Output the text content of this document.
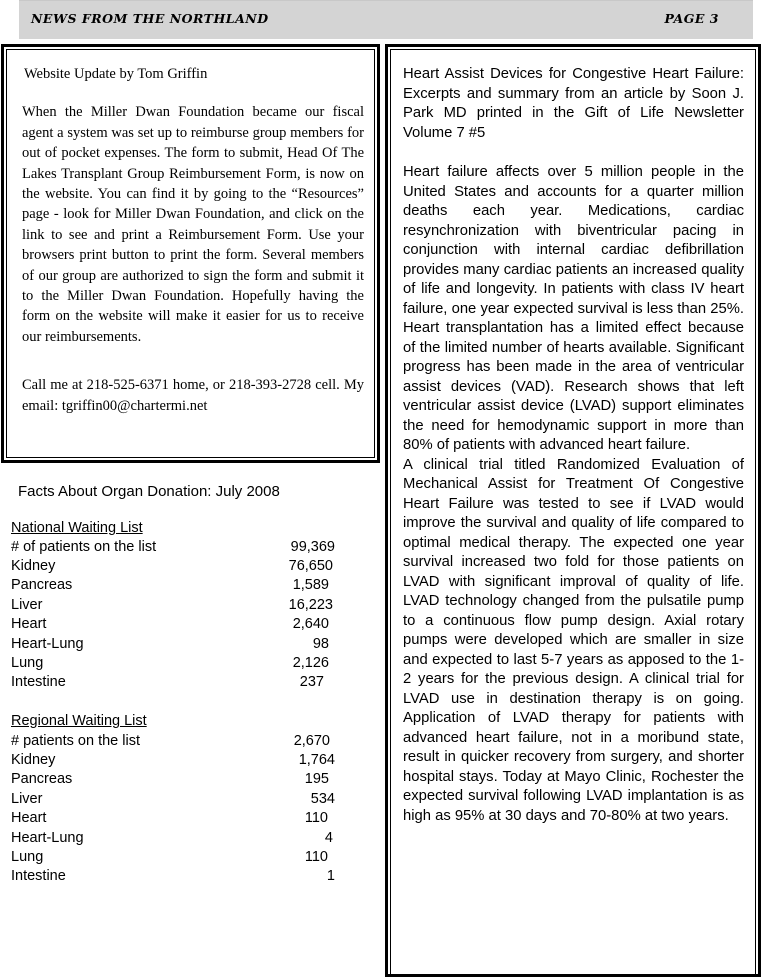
NEWS FROM THE NORTHLAND	PAGE 3
Website Update by Tom Griffin

When the Miller Dwan Foundation became our fiscal agent a system was set up to reimburse group members for out of pocket expenses. The form to submit, Head Of The Lakes Transplant Group Reimbursement Form, is now on the website. You can find it by going to the “Resources” page - look for Miller Dwan Foundation, and click on the link to see and print a Reimbursement Form. Use your browsers print button to print the form. Several members of our group are authorized to sign the form and submit it to the Miller Dwan Foundation. Hopefully having the form on the website will make it easier for us to receive our reimbursements.

Call me at 218-525-6371 home, or 218-393-2728 cell. My email: tgriffin00@chartermi.net

Facts About Organ Donation: July 2008
National Waiting List
# of patients on the list	99,369
Kidney	76,650
Pancreas	1,589
Liver	16,223
Heart	2,640
Heart-Lung	98
Lung	2,126
Intestine	237
Regional Waiting List
# patients on the list	2,670
Kidney	1,764
Pancreas	195
Liver	534
Heart	110
Heart-Lung	4
Lung	110
Intestine	1

Heart Assist Devices for Congestive Heart Failure: Excerpts and summary from an article by Soon J. Park MD printed in the Gift of Life Newsletter Volume 7 #5

Heart failure affects over 5 million people in the United States and accounts for a quarter million deaths each year. Medications, cardiac resynchronization with biventricular pacing in conjunction with internal cardiac defibrillation provides many cardiac patients an increased quality of life and longevity. In patients with class IV heart failure, one year expected survival is less than 25%. Heart transplantation has a limited effect because of the limited number of hearts available. Significant progress has been made in the area of ventricular assist devices (VAD). Research shows that left ventricular assist device (LVAD) support eliminates the need for hemodynamic support in more than 80% of patients with advanced heart failure.

A clinical trial titled Randomized Evaluation of Mechanical Assist for Treatment Of Congestive Heart Failure was tested to see if LVAD would improve the survival and quality of life compared to optimal medical therapy. The expected one year survival increased two fold for those patients on LVAD with significant improval of quality of life. LVAD technology changed from the pulsatile pump to a continuous flow pump design. Axial rotary pumps were developed which are smaller in size and expected to last 5-7 years as apposed to the 1-2 years for the previous design. A clinical trial for LVAD use in destination therapy is on going. Application of LVAD therapy for patients with advanced heart failure, not in a moribund state, result in quicker recovery from surgery, and shorter hospital stays. Today at Mayo Clinic, Rochester the expected survival following LVAD implantation is as high as 95% at 30 days and 70-80% at two years.
